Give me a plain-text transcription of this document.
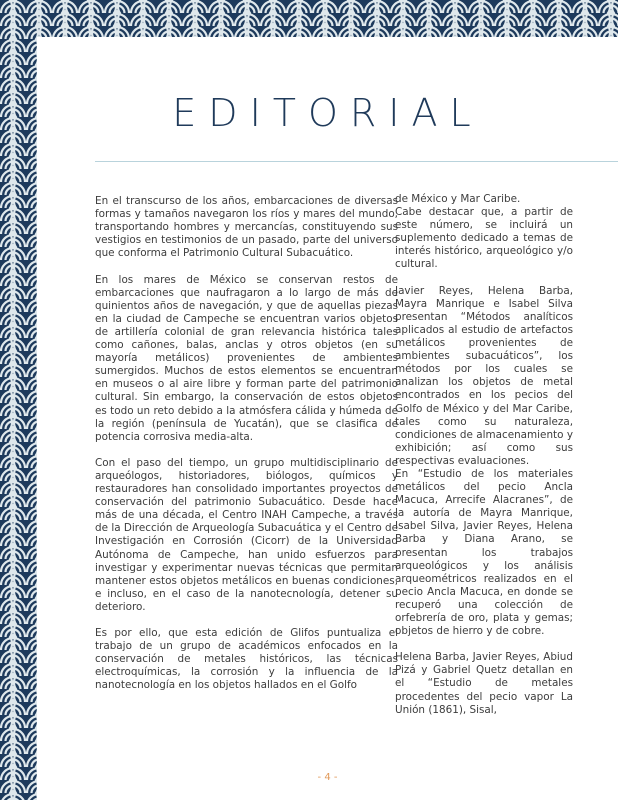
EDITORIAL

En el transcurso de los años, embarcaciones de diversas formas y tamaños navegaron los ríos y mares del mundo, transportando hombres y mercancías, constituyendo sus vestigios en testimonios de un pasado, parte del universo que conforma el Patrimonio Cultural Subacuático.

En los mares de México se conservan restos de embarcaciones que naufragaron a lo largo de más de quinientos años de navegación, y que de aquellas piezas en la ciudad de Campeche se encuentran varios objetos de artillería colonial de gran relevancia histórica tales como cañones, balas, anclas y otros objetos (en su mayoría metálicos) provenientes de ambientes sumergidos. Muchos de estos elementos se encuentran en museos o al aire libre y forman parte del patrimonio cultural. Sin embargo, la conservación de estos objetos es todo un reto debido a la atmósfera cálida y húmeda de la región (península de Yucatán), que se clasifica de potencia corrosiva media-alta.

Con el paso del tiempo, un grupo multidisciplinario de arqueólogos, historiadores, biólogos, químicos y restauradores han consolidado importantes proyectos de conservación del patrimonio Subacuático. Desde hace más de una década, el Centro INAH Campeche, a través de la Dirección de Arqueología Subacuática y el Centro de Investigación en Corrosión (Cicorr) de la Universidad Autónoma de Campeche, han unido esfuerzos para investigar y experimentar nuevas técnicas que permitan mantener estos objetos metálicos en buenas condiciones, e incluso, en el caso de la nanotecnología, detener su deterioro.

Es por ello, que esta edición de Glifos puntualiza el trabajo de un grupo de académicos enfocados en la conservación de metales históricos, las técnicas electroquímicas, la corrosión y la influencia de la nanotecnología en los objetos hallados en el Golfo

de México y Mar Caribe.

Cabe destacar que, a partir de este número, se incluirá un suplemento dedicado a temas de interés histórico, arqueológico y/o cultural.

Javier Reyes, Helena Barba, Mayra Manrique e Isabel Silva presentan “Métodos analíticos aplicados al estudio de artefactos metálicos provenientes de ambientes subacuáticos”, los métodos por los cuales se analizan los objetos de metal encontrados en los pecios del Golfo de México y del Mar Caribe, tales como su naturaleza, condiciones de almacenamiento y exhibición; así como sus respectivas evaluaciones.

En “Estudio de los materiales metálicos del pecio Ancla Macuca, Arrecife Alacranes”, de la autoría de Mayra Manrique, Isabel Silva, Javier Reyes, Helena Barba y Diana Arano, se presentan los trabajos arqueológicos y los análisis arqueométricos realizados en el pecio Ancla Macuca, en donde se recuperó una colección de orfebrería de oro, plata y gemas; objetos de hierro y de cobre.

Helena Barba, Javier Reyes, Abiud Pizá y Gabriel Quetz detallan en el “Estudio de metales procedentes del pecio vapor La Unión (1861), Sisal,

- 4 -
